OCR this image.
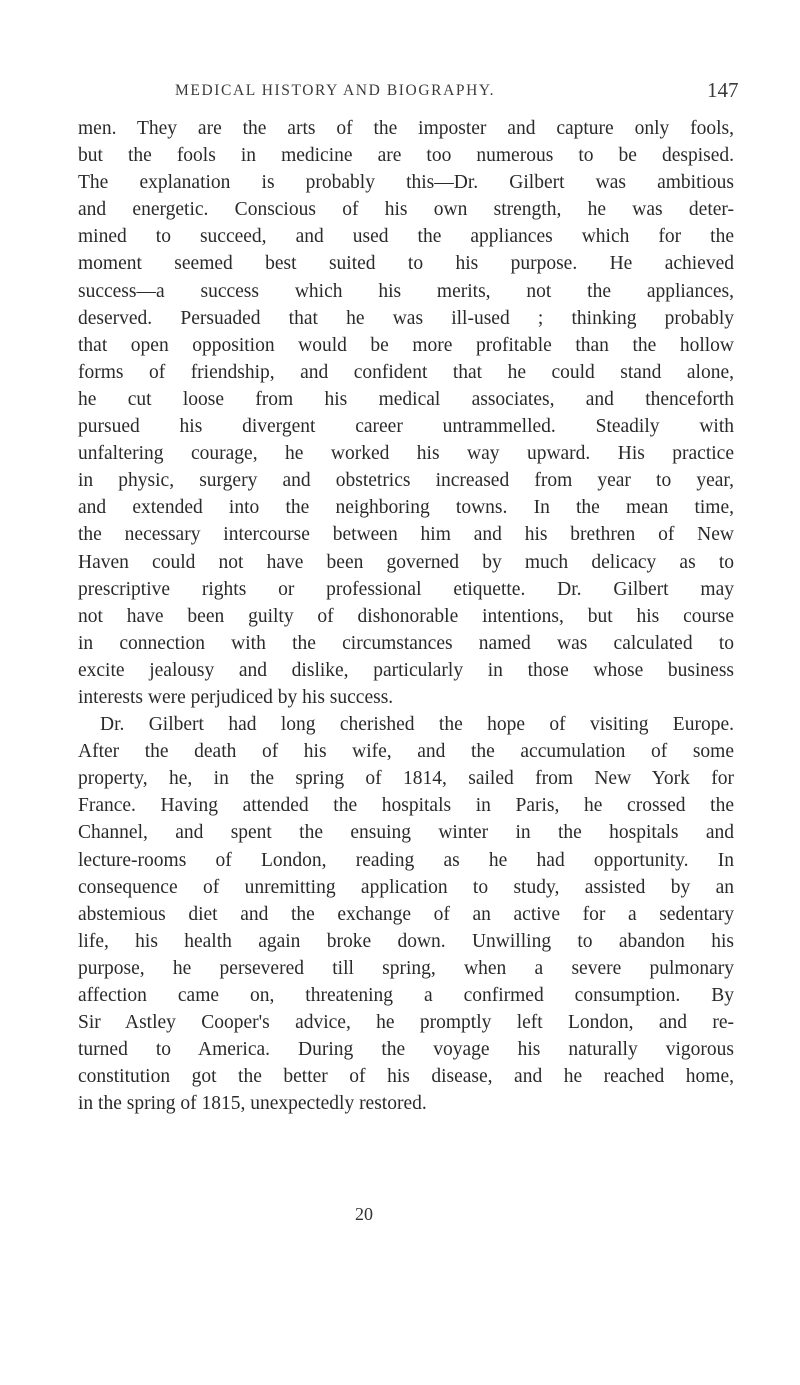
MEDICAL HISTORY AND BIOGRAPHY.	147
men. They are the arts of the imposter and capture only fools,
but the fools in medicine are too numerous to be despised.
The explanation is probably this—Dr. Gilbert was ambitious
and energetic. Conscious of his own strength, he was deter-
mined to succeed, and used the appliances which for the
moment seemed best suited to his purpose. He achieved
success—a success which his merits, not the appliances,
deserved. Persuaded that he was ill-used ; thinking probably
that open opposition would be more profitable than the hollow
forms of friendship, and confident that he could stand alone,
he cut loose from his medical associates, and thenceforth
pursued his divergent career untrammelled. Steadily with
unfaltering courage, he worked his way upward. His practice
in physic, surgery and obstetrics increased from year to year,
and extended into the neighboring towns. In the mean time,
the necessary intercourse between him and his brethren of New
Haven could not have been governed by much delicacy as to
prescriptive rights or professional etiquette. Dr. Gilbert may
not have been guilty of dishonorable intentions, but his course
in connection with the circumstances named was calculated to
excite jealousy and dislike, particularly in those whose business
interests were perjudiced by his success.
Dr. Gilbert had long cherished the hope of visiting Europe.
After the death of his wife, and the accumulation of some
property, he, in the spring of 1814, sailed from New York for
France. Having attended the hospitals in Paris, he crossed the
Channel, and spent the ensuing winter in the hospitals and
lecture-rooms of London, reading as he had opportunity. In
consequence of unremitting application to study, assisted by an
abstemious diet and the exchange of an active for a sedentary
life, his health again broke down. Unwilling to abandon his
purpose, he persevered till spring, when a severe pulmonary
affection came on, threatening a confirmed consumption. By
Sir Astley Cooper's advice, he promptly left London, and re-
turned to America. During the voyage his naturally vigorous
constitution got the better of his disease, and he reached home,
in the spring of 1815, unexpectedly restored.
20
